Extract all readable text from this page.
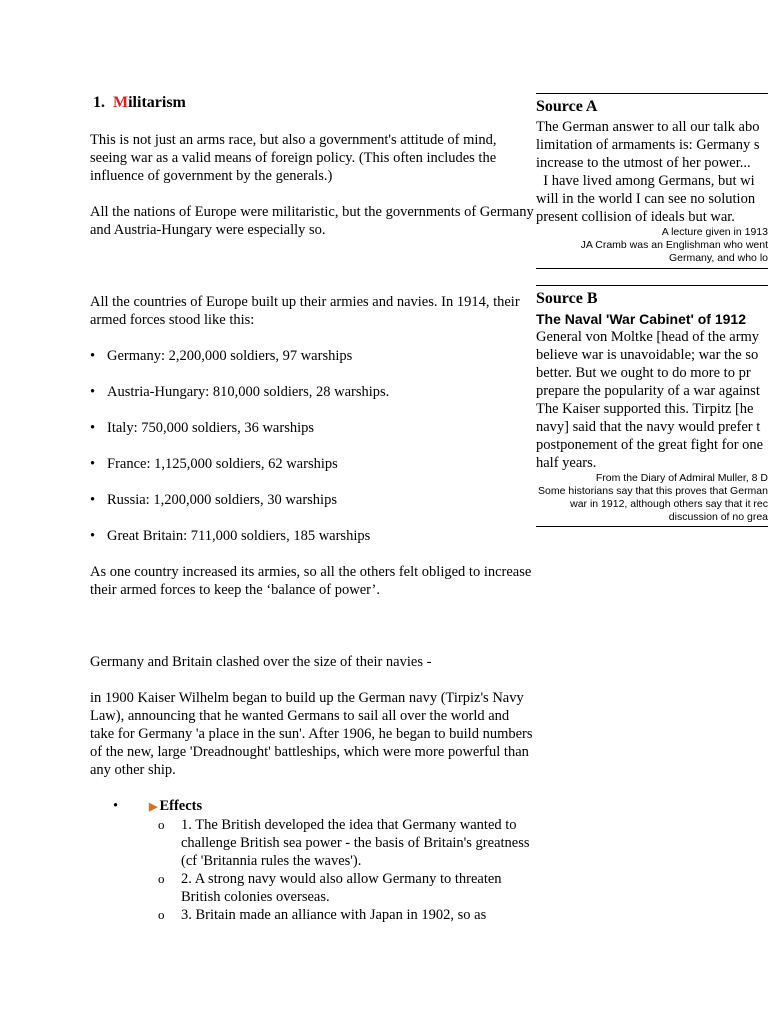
1. Militarism

This is not just an arms race, but also a government's attitude of mind, seeing war as a valid means of foreign policy. (This often includes the influence of government by the generals.)

All the nations of Europe were militaristic, but the governments of Germany and Austria-Hungary were especially so.

All the countries of Europe built up their armies and navies. In 1914, their armed forces stood like this:

• Germany: 2,200,000 soldiers, 97 warships
• Austria-Hungary: 810,000 soldiers, 28 warships.
• Italy: 750,000 soldiers, 36 warships
• France: 1,125,000 soldiers, 62 warships
• Russia: 1,200,000 soldiers, 30 warships
• Great Britain: 711,000 soldiers, 185 warships

As one country increased its armies, so all the others felt obliged to increase their armed forces to keep the ‘balance of power’.

Germany and Britain clashed over the size of their navies -

in 1900 Kaiser Wilhelm began to build up the German navy (Tirpiz's Navy Law), announcing that he wanted Germans to sail all over the world and take for Germany 'a place in the sun'. After 1906, he began to build numbers of the new, large 'Dreadnought' battleships, which were more powerful than any other ship.

•	▶ Effects
o 1. The British developed the idea that Germany wanted to challenge British sea power - the basis of Britain's greatness (cf 'Britannia rules the waves').
o 2. A strong navy would also allow Germany to threaten British colonies overseas.
o 3. Britain made an alliance with Japan in 1902, so as
Source A
The German answer to all our talk abo
limitation of armaments is: Germany s
increase to the utmost of her power...
I have lived among Germans, but wi
will in the world I can see no solution
present collision of ideals but war.
A lecture given in 1913
JA Cramb was an Englishman who went
Germany, and who lo
Source B
The Naval 'War Cabinet' of 1912
General von Moltke [head of the army
believe war is unavoidable; war the so
better. But we ought to do more to pr
prepare the popularity of a war against
The Kaiser supported this. Tirpitz [he
navy] said that the navy would prefer t
postponement of the great fight for one
half years.
From the Diary of Admiral Muller, 8 D
Some historians say that this proves that German
war in 1912, although others say that it rec
discussion of no grea
